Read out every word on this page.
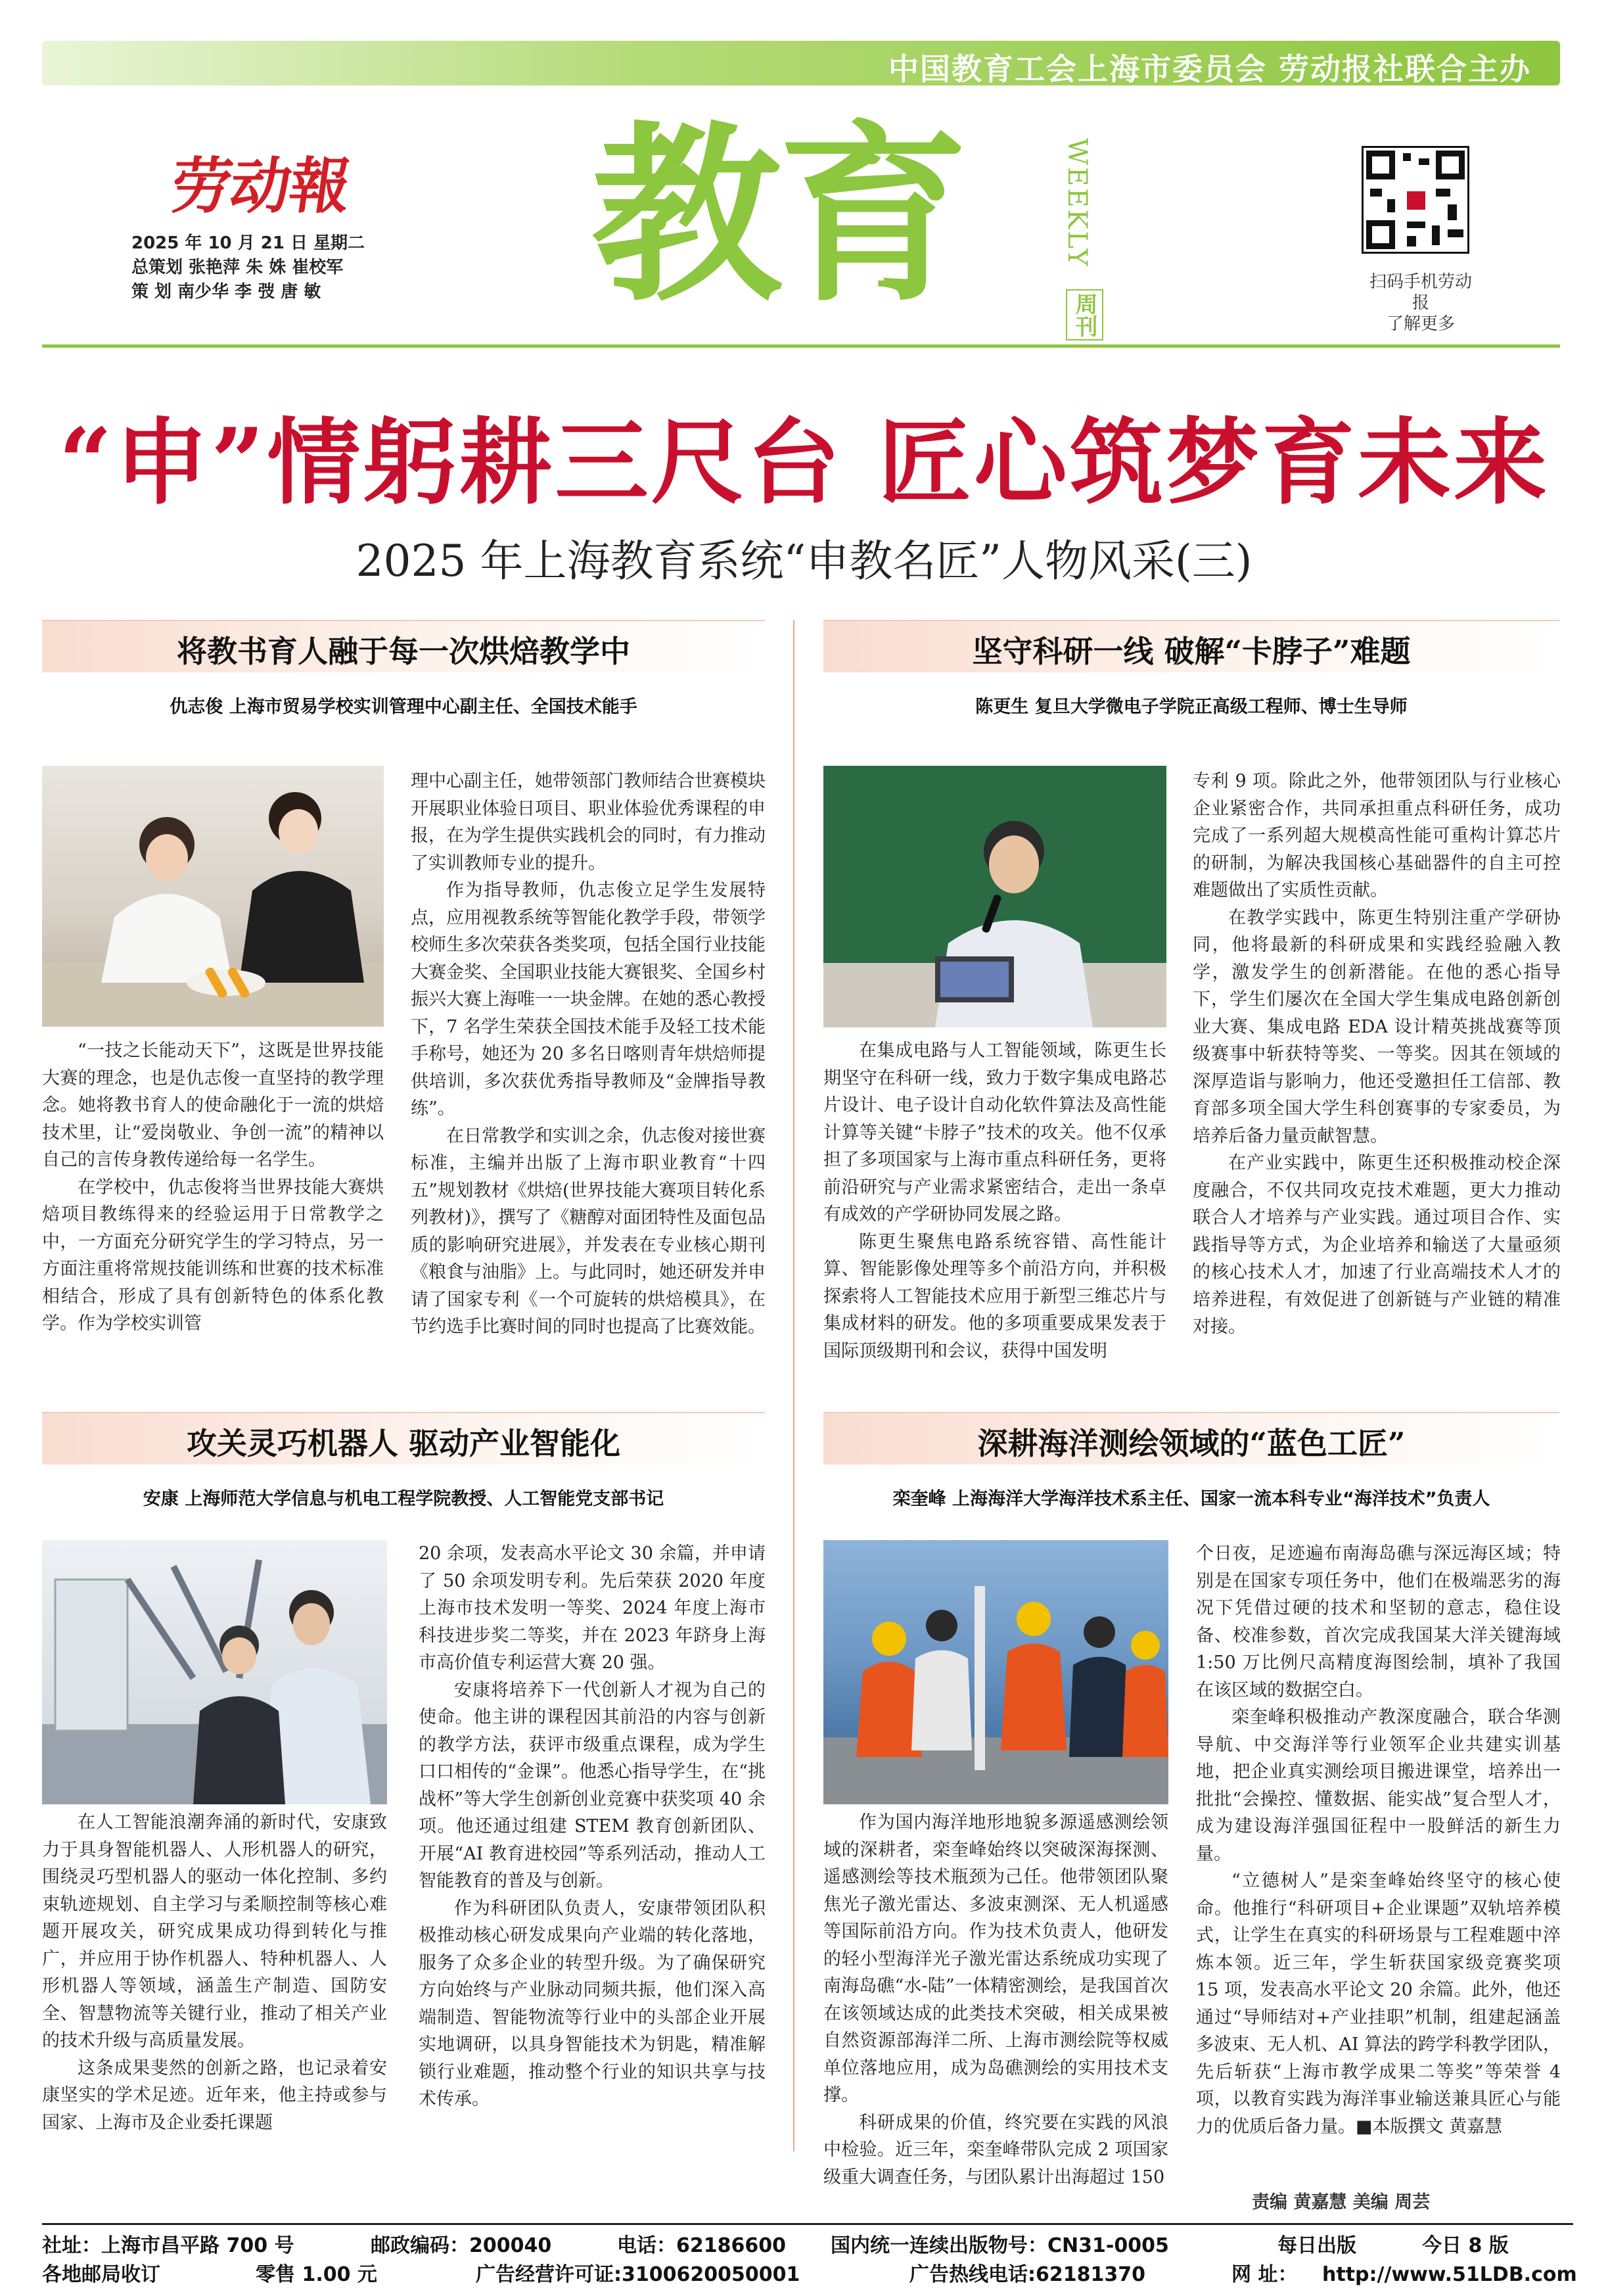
中国教育工会上海市委员会 劳动报社联合主办
劳动報
2025 年 10 月 21 日 星期二
总策划 张艳萍 朱 姝 崔校军
策 划 南少华 李 弢 唐 敏 教育	WEEKLY
周刊
扫码手机劳动报
了解更多
“申”情躬耕三尺台 匠心筑梦育未来
2025 年上海教育系统“申教名匠”人物风采(三)
将教书育人融于每一次烘焙教学中
仇志俊 上海市贸易学校实训管理中心副主任、全国技术能手

“一技之长能动天下”，这既是世界技能大赛的理念，也是仇志俊一直坚持的教学理念。她将教书育人的使命融化于一流的烘焙技术里，让“爱岗敬业、争创一流”的精神以自己的言传身教传递给每一名学生。

在学校中，仇志俊将当世界技能大赛烘焙项目教练得来的经验运用于日常教学之中，一方面充分研究学生的学习特点，另一方面注重将常规技能训练和世赛的技术标准相结合，形成了具有创新特色的体系化教学。作为学校实训管

理中心副主任，她带领部门教师结合世赛模块开展职业体验日项目、职业体验优秀课程的申报，在为学生提供实践机会的同时，有力推动了实训教师专业的提升。

作为指导教师，仇志俊立足学生发展特点，应用视教系统等智能化教学手段，带领学校师生多次荣获各类奖项，包括全国行业技能大赛金奖、全国职业技能大赛银奖、全国乡村振兴大赛上海唯一一块金牌。在她的悉心教授下，7 名学生荣获全国技术能手及轻工技术能手称号，她还为 20 多名日喀则青年烘焙师提供培训，多次获优秀指导教师及“金牌指导教练”。

在日常教学和实训之余，仇志俊对接世赛标准，主编并出版了上海市职业教育“十四五”规划教材《烘焙(世界技能大赛项目转化系列教材)》，撰写了《糖醇对面团特性及面包品质的影响研究进展》，并发表在专业核心期刊《粮食与油脂》上。与此同时，她还研发并申请了国家专利《一个可旋转的烘焙模具》，在节约选手比赛时间的同时也提高了比赛效能。

坚守科研一线 破解“卡脖子”难题
陈更生 复旦大学微电子学院正高级工程师、博士生导师

在集成电路与人工智能领域，陈更生长期坚守在科研一线，致力于数字集成电路芯片设计、电子设计自动化软件算法及高性能计算等关键“卡脖子”技术的攻关。他不仅承担了多项国家与上海市重点科研任务，更将前沿研究与产业需求紧密结合，走出一条卓有成效的产学研协同发展之路。

陈更生聚焦电路系统容错、高性能计算、智能影像处理等多个前沿方向，并积极探索将人工智能技术应用于新型三维芯片与集成材料的研发。他的多项重要成果发表于国际顶级期刊和会议，获得中国发明

专利 9 项。除此之外，他带领团队与行业核心企业紧密合作，共同承担重点科研任务，成功完成了一系列超大规模高性能可重构计算芯片的研制，为解决我国核心基础器件的自主可控难题做出了实质性贡献。

在教学实践中，陈更生特别注重产学研协同，他将最新的科研成果和实践经验融入教学，激发学生的创新潜能。在他的悉心指导下，学生们屡次在全国大学生集成电路创新创业大赛、集成电路 EDA 设计精英挑战赛等顶级赛事中斩获特等奖、一等奖。因其在领域的深厚造诣与影响力，他还受邀担任工信部、教育部多项全国大学生科创赛事的专家委员，为培养后备力量贡献智慧。

在产业实践中，陈更生还积极推动校企深度融合，不仅共同攻克技术难题，更大力推动联合人才培养与产业实践。通过项目合作、实践指导等方式，为企业培养和输送了大量亟须的核心技术人才，加速了行业高端技术人才的培养进程，有效促进了创新链与产业链的精准对接。

攻关灵巧机器人 驱动产业智能化
安康 上海师范大学信息与机电工程学院教授、人工智能党支部书记

在人工智能浪潮奔涌的新时代，安康致力于具身智能机器人、人形机器人的研究，围绕灵巧型机器人的驱动一体化控制、多约束轨迹规划、自主学习与柔顺控制等核心难题开展攻关，研究成果成功得到转化与推广，并应用于协作机器人、特种机器人、人形机器人等领域，涵盖生产制造、国防安全、智慧物流等关键行业，推动了相关产业的技术升级与高质量发展。

这条成果斐然的创新之路，也记录着安康坚实的学术足迹。近年来，他主持或参与国家、上海市及企业委托课题

20 余项，发表高水平论文 30 余篇，并申请了 50 余项发明专利。先后荣获 2020 年度上海市技术发明一等奖、2024 年度上海市科技进步奖二等奖，并在 2023 年跻身上海市高价值专利运营大赛 20 强。

安康将培养下一代创新人才视为自己的使命。他主讲的课程因其前沿的内容与创新的教学方法，获评市级重点课程，成为学生口口相传的“金课”。他悉心指导学生，在“挑战杯”等大学生创新创业竞赛中获奖项 40 余项。他还通过组建 STEM 教育创新团队、开展“AI 教育进校园”等系列活动，推动人工智能教育的普及与创新。

作为科研团队负责人，安康带领团队积极推动核心研发成果向产业端的转化落地，服务了众多企业的转型升级。为了确保研究方向始终与产业脉动同频共振，他们深入高端制造、智能物流等行业中的头部企业开展实地调研，以具身智能技术为钥匙，精准解锁行业难题，推动整个行业的知识共享与技术传承。

深耕海洋测绘领域的“蓝色工匠”
栾奎峰 上海海洋大学海洋技术系主任、国家一流本科专业“海洋技术”负责人

作为国内海洋地形地貌多源遥感测绘领域的深耕者，栾奎峰始终以突破深海探测、遥感测绘等技术瓶颈为己任。他带领团队聚焦光子激光雷达、多波束测深、无人机遥感等国际前沿方向。作为技术负责人，他研发的轻小型海洋光子激光雷达系统成功实现了南海岛礁“水-陆”一体精密测绘，是我国首次在该领域达成的此类技术突破，相关成果被自然资源部海洋二所、上海市测绘院等权威单位落地应用，成为岛礁测绘的实用技术支撑。

科研成果的价值，终究要在实践的风浪中检验。近三年，栾奎峰带队完成 2 项国家级重大调查任务，与团队累计出海超过 150

个日夜，足迹遍布南海岛礁与深远海区域；特别是在国家专项任务中，他们在极端恶劣的海况下凭借过硬的技术和坚韧的意志，稳住设备、校准参数，首次完成我国某大洋关键海域 1:50 万比例尺高精度海图绘制，填补了我国在该区域的数据空白。

栾奎峰积极推动产教深度融合，联合华测导航、中交海洋等行业领军企业共建实训基地，把企业真实测绘项目搬进课堂，培养出一批批“会操控、懂数据、能实战”复合型人才，成为建设海洋强国征程中一股鲜活的新生力量。

“立德树人”是栾奎峰始终坚守的核心使命。他推行“科研项目+企业课题”双轨培养模式，让学生在真实的科研场景与工程难题中淬炼本领。近三年，学生斩获国家级竞赛奖项 15 项，发表高水平论文 20 余篇。此外，他还通过“导师结对+产业挂职”机制，组建起涵盖多波束、无人机、AI 算法的跨学科教学团队，先后斩获“上海市教学成果二等奖”等荣誉 4 项，以教育实践为海洋事业输送兼具匠心与能力的优质后备力量。■本版撰文 黄嘉慧

责编 黄嘉慧 美编 周芸
社址：上海市昌平路 700 号	邮政编码：200040	电话：62186600 国内统一连续出版物号：CN31-0005	每日出版	今日 8 版
各地邮局收订	零售 1.00 元	广告经营许可证:3100620050001	广告热线电话:62181370	网 址： http://www.51LDB.com
